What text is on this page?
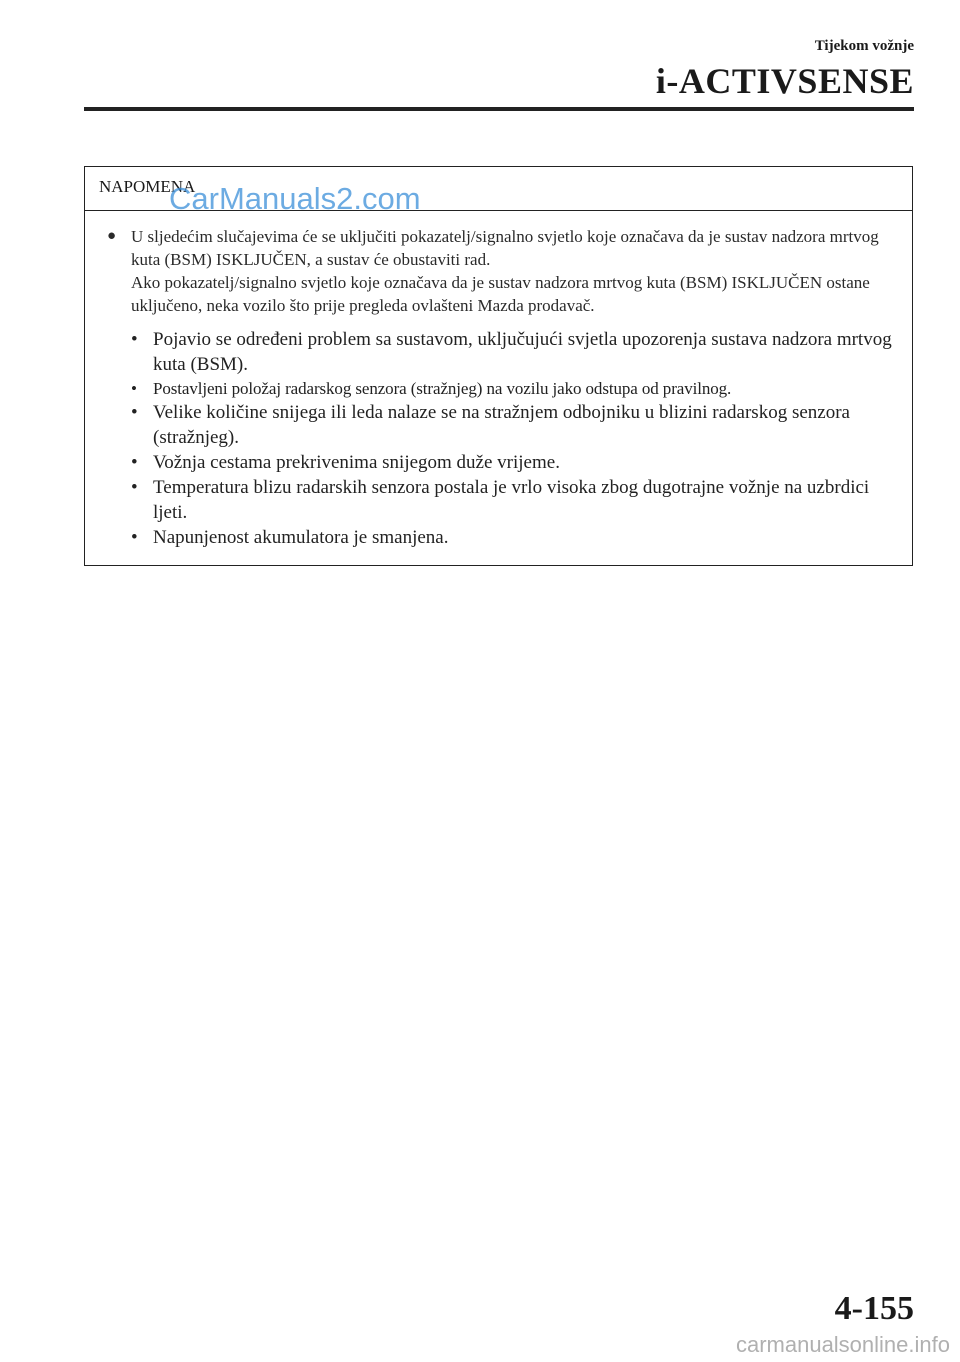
Tijekom vožnje
i-ACTIVSENSE
NAPOMENA
CarManuals2.com
● U sljedećim slučajevima će se uključiti pokazatelj/signalno svjetlo koje označava da je sustav nadzora mrtvog kuta (BSM) ISKLJUČEN, a sustav će obustaviti rad.

Ako pokazatelj/signalno svjetlo koje označava da je sustav nadzora mrtvog kuta (BSM) ISKLJUČEN ostane uključeno, neka vozilo što prije pregleda ovlašteni Mazda prodavač.

• Pojavio se određeni problem sa sustavom, uključujući svjetla upozorenja sustava nadzora mrtvog kuta (BSM).
• Postavljeni položaj radarskog senzora (stražnjeg) na vozilu jako odstupa od pravilnog.
• Velike količine snijega ili leda nalaze se na stražnjem odbojniku u blizini radarskog senzora (stražnjeg).
• Vožnja cestama prekrivenima snijegom duže vrijeme.
• Temperatura blizu radarskih senzora postala je vrlo visoka zbog dugotrajne vožnje na uzbrdici ljeti.
• Napunjenost akumulatora je smanjena.
4-155
carmanualsonline.info
